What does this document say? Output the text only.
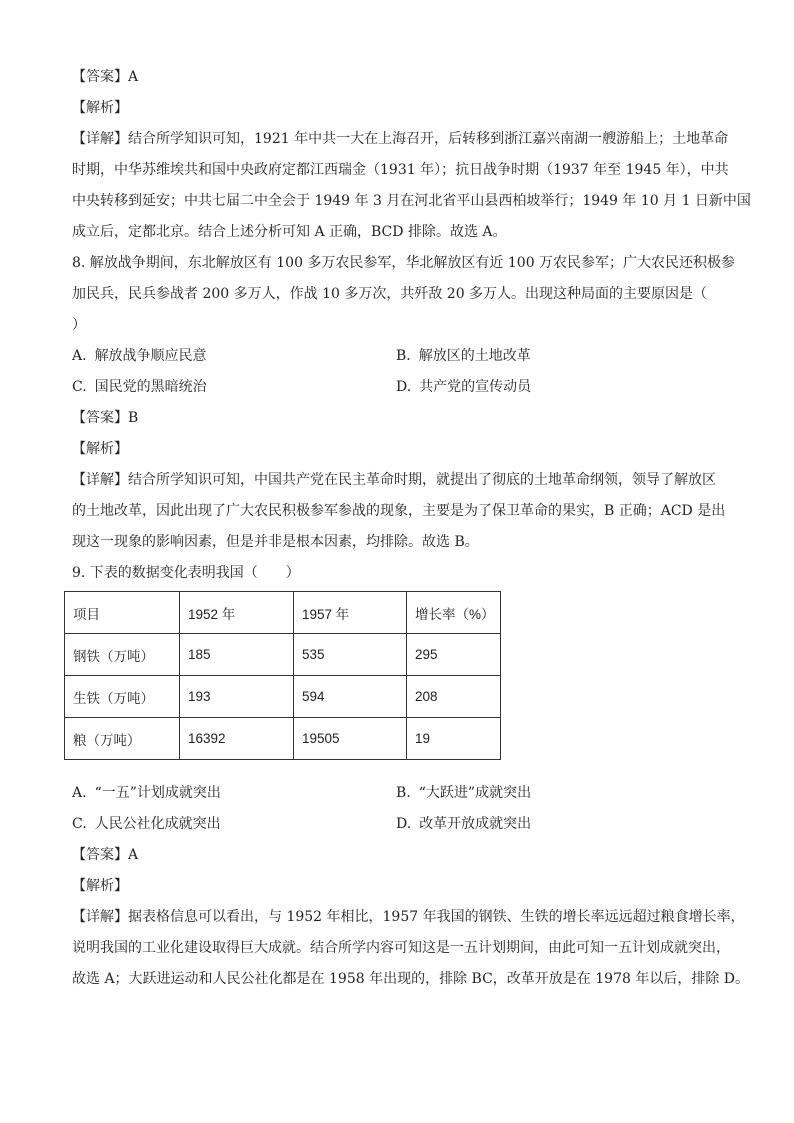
【答案】A
【解析】
【详解】结合所学知识可知，1921 年中共一大在上海召开，后转移到浙江嘉兴南湖一艘游船上；土地革命
时期，中华苏维埃共和国中央政府定都江西瑞金（1931 年）；抗日战争时期（1937 年至 1945 年），中共
中央转移到延安；中共七届二中全会于 1949 年 3 月在河北省平山县西柏坡举行；1949 年 10 月 1 日新中国
成立后，定都北京。结合上述分析可知 A 正确，BCD 排除。故选 A。
8. 解放战争期间，东北解放区有 100 多万农民参军，华北解放区有近 100 万农民参军；广大农民还积极参
加民兵，民兵参战者 200 多万人，作战 10 多万次，共歼敌 20 多万人。出现这种局面的主要原因是（
）
A. 解放战争顺应民意	B. 解放区的土地改革
C. 国民党的黑暗统治	D. 共产党的宣传动员
【答案】B
【解析】
【详解】结合所学知识可知，中国共产党在民主革命时期，就提出了彻底的土地革命纲领，领导了解放区
的土地改革，因此出现了广大农民积极参军参战的现象，主要是为了保卫革命的果实，B 正确；ACD 是出
现这一现象的影响因素，但是并非是根本因素，均排除。故选 B。
9. 下表的数据变化表明我国（　　）
项目	1952 年	1957 年	增长率（%）
钢铁（万吨）	185	535	295
生铁（万吨）	193	594	208
粮（万吨）	16392	19505	19
A. “一五”计划成就突出	B. “大跃进”成就突出
C. 人民公社化成就突出	D. 改革开放成就突出
【答案】A
【解析】
【详解】据表格信息可以看出，与 1952 年相比，1957 年我国的钢铁、生铁的增长率远远超过粮食增长率，
说明我国的工业化建设取得巨大成就。结合所学内容可知这是一五计划期间，由此可知一五计划成就突出，
故选 A；大跃进运动和人民公社化都是在 1958 年出现的，排除 BC，改革开放是在 1978 年以后，排除 D。
